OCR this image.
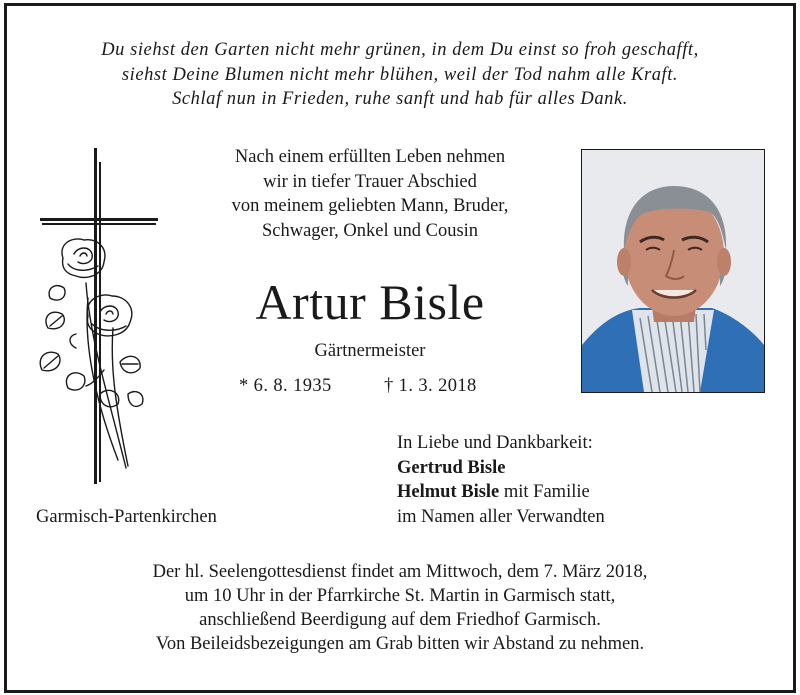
Du siehst den Garten nicht mehr grünen, in dem Du einst so froh geschafft,
siehst Deine Blumen nicht mehr blühen, weil der Tod nahm alle Kraft.
Schlaf nun in Frieden, ruhe sanft und hab für alles Dank.
Nach einem erfüllten Leben nehmen
wir in tiefer Trauer Abschied
von meinem geliebten Mann, Bruder,
Schwager, Onkel und Cousin
Artur Bisle
Gärtnermeister
* 6. 8. 1935	† 1. 3. 2018
Garmisch-Partenkirchen
In Liebe und Dankbarkeit:
Gertrud Bisle
Helmut Bisle mit Familie
im Namen aller Verwandten
Der hl. Seelengottesdienst findet am Mittwoch, dem 7. März 2018,
um 10 Uhr in der Pfarrkirche St. Martin in Garmisch statt,
anschließend Beerdigung auf dem Friedhof Garmisch.
Von Beileidsbezeigungen am Grab bitten wir Abstand zu nehmen.
